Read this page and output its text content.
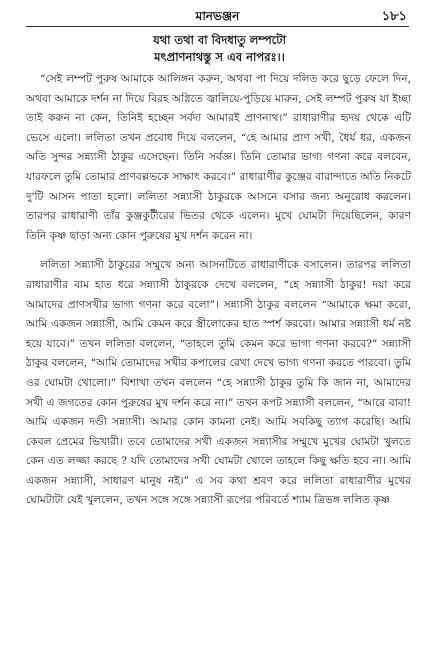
মানভঞ্জন	১৮১
যথা তথা বা বিদধাতু লম্পটো
মৎপ্রাণনাথস্তু স এব নাপরঃ।।

“সেই লম্পট পুরুষ আমাকে আলিঙ্গন করুন, অথবা পা দিয়ে দলিত করে ছুড়ে ফেলে দিন, অথবা আমাকে দর্শন না দিয়ে বিরহ অগ্নিতে জ্বালিয়ে-পুড়িয়ে মারুন, সেই লম্পট পুরুষ যা ইচ্ছা তাই করুন না কেন, তিনিই হচ্ছেন সর্বদা আমারই প্রাণনাথ।” রাধারাণীর হৃদয় থেকে এটি ভেসে এলো। ললিতা তখন প্রবোধ দিয়ে বললেন, “হে আমার প্রাণ সখী, ধৈর্য ধর, একজন অতি সুন্দর সন্ন্যাসী ঠাকুর এসেছেন। তিনি সর্বজ্ঞ। তিনি তোমার ভাগ্য গণনা করে বলবেন, যারফলে তুমি তোমার প্রাণবল্লভকে সাক্ষাৎ করবে।” রাধারাণীর কুঞ্জের বারান্দাতে অতি নিকটে দু'টি আসন পাতা হলো। ললিতা সন্ন্যাসী ঠাকুরকে আসনে বসার জন্য অনুরোধ করলেন। তারপর রাধারাণী তাঁর কুঞ্জকুটীরের ভিতর থেকে এলেন। মুখে ঘোমটা দিয়েছিলেন, কারণ তিনি কৃষ্ণ ছাড়া অন্য কোন পুরুষের মুখ দর্শন করেন না।

ললিতা সন্ন্যাসী ঠাকুরের সম্মুখে অন্য আসনটিতে রাধারাণীকে বসালেন। তারপর ললিতা রাধারাণীর বাম হাত ধরে সন্ন্যাসী ঠাকুরকে দেখে বললেন, “হে সন্ন্যাসী ঠাকুর! দয়া করে আমাদের প্রাণসখীর ভাগ্য গণনা করে বলো”। সন্ন্যাসী ঠাকুর বললেন “আমাকে ক্ষমা করো, আমি একজন সন্ন্যাসী, আমি কেমন করে স্ত্রীলোকের হাত স্পর্শ করবো। আমার সন্ন্যাসী ধর্ম নষ্ট হয়ে যাবে।” তখন ললিতা বললেন, “তাহলে তুমি কেমন করে ভাগ্য গণনা করবে?” সন্ন্যাসী ঠাকুর বললেন, “আমি তোমাদের সখীর কপালের রেখা দেখে ভাগ্য গণনা করতে পারবো। তুমি ওর ঘোমটা খোলো।” বিশাখা তখন বললেন “হে সন্ন্যাসী ঠাকুর তুমি কি জান না, আমাদের সখী এ জগতের কোন পুরুষের মুখ দর্শন করে না।” তখন কপট সন্ন্যাসী বললেন, “আরে বাবা! আমি একজন দণ্ডী সন্ন্যাসী। আমার কোন কামনা নেই। আমি সবকিছু ত্যাগ করেছি। আমি কেবল প্রেমের ভিখারী। তবে তোমাদের সখী একজন সন্ন্যাসীর সম্মুখে মুখের ঘোমটা খুলতে কেন এত লজ্জা করছে ? যদি তোমাদের সখী ঘোমটা খোলে তাহলে কিছু ক্ষতি হবে না। আমি একজন সন্ন্যাসী, সাধারণ মানুষ নই।” এ সব কথা শ্রবণ করে ললিতা রাধারাণীর মুখের ঘোমটাটা যেই খুললেন, তখন সঙ্গে সঙ্গে সন্ন্যাসী রূপের পরিবর্তে শ্যাম ত্রিভঙ্গ ললিত কৃষ্ণ
